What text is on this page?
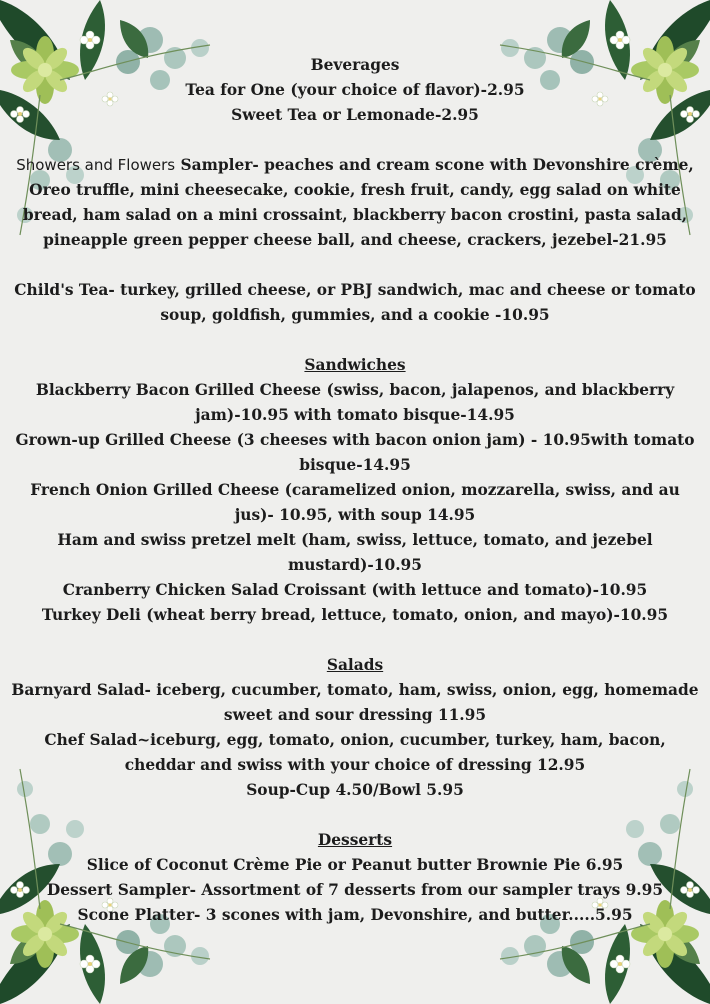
Beverages

Tea for One (your choice of flavor)-2.95

Sweet Tea or Lemonade-2.95

Showers and Flowers Sampler- peaches and cream scone with Devonshire crème, Oreo truffle, mini cheesecake, cookie, fresh fruit, candy, egg salad on white bread, ham salad on a mini crossaint, blackberry bacon crostini, pasta salad, pineapple green pepper cheese ball, and cheese, crackers, jezebel-21.95

Child's Tea- turkey, grilled cheese, or PBJ sandwich, mac and cheese or tomato soup, goldfish, gummies, and a cookie -10.95

Sandwiches

Blackberry Bacon Grilled Cheese (swiss, bacon, jalapenos, and blackberry jam)-10.95 with tomato bisque-14.95

Grown-up Grilled Cheese (3 cheeses with bacon onion jam) - 10.95with tomato bisque-14.95

French Onion Grilled Cheese (caramelized onion, mozzarella, swiss, and au jus)- 10.95, with soup 14.95

Ham and swiss pretzel melt (ham, swiss, lettuce, tomato, and jezebel mustard)-10.95

Cranberry Chicken Salad Croissant (with lettuce and tomato)-10.95

Turkey Deli (wheat berry bread, lettuce, tomato, onion, and mayo)-10.95

Salads

Barnyard Salad- iceberg, cucumber, tomato, ham, swiss, onion, egg, homemade sweet and sour dressing 11.95

Chef Salad~iceburg, egg, tomato, onion, cucumber, turkey, ham, bacon, cheddar and swiss with your choice of dressing 12.95

Soup-Cup 4.50/Bowl 5.95

Desserts

Slice of Coconut Crème Pie or Peanut butter Brownie Pie 6.95

Dessert Sampler- Assortment of 7 desserts from our sampler trays 9.95

Scone Platter- 3 scones with jam, Devonshire, and butter.....5.95
